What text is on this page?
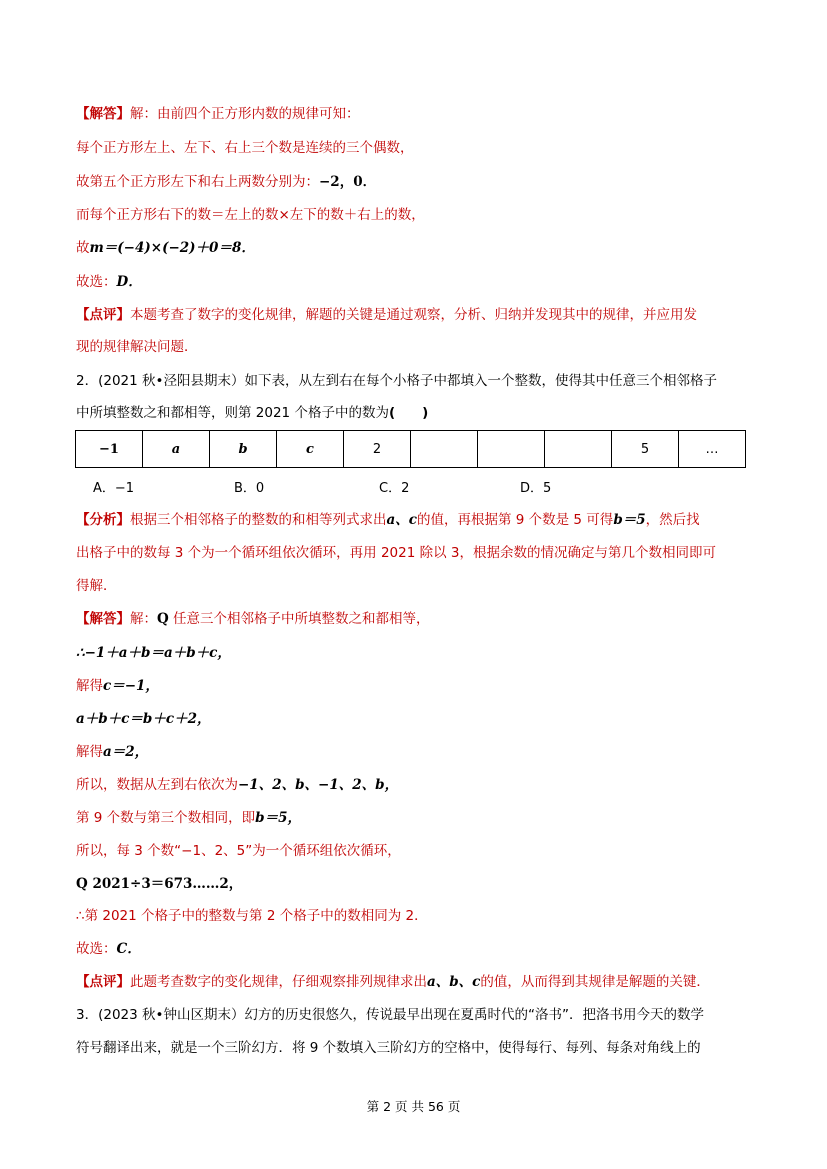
【解答】解：由前四个正方形内数的规律可知：
每个正方形左上、左下、右上三个数是连续的三个偶数，
故第五个正方形左下和右上两数分别为：−2，0．
而每个正方形右下的数＝左上的数×左下的数＋右上的数，
故m＝(−4)×(−2)＋0＝8．
故选：D．
【点评】本题考查了数字的变化规律，解题的关键是通过观察，分析、归纳并发现其中的规律，并应用发
现的规律解决问题．
2．(2021 秋•泾阳县期末）如下表，从左到右在每个小格子中都填入一个整数，使得其中任意三个相邻格子
中所填整数之和都相等，则第 2021 个格子中的数为(　　)
−1	a	b	c	2				5	…
A．−1	B．0	C．2	D．5
【分析】根据三个相邻格子的整数的和相等列式求出a、c的值，再根据第 9 个数是 5 可得b＝5，然后找
出格子中的数每 3 个为一个循环组依次循环，再用 2021 除以 3，根据余数的情况确定与第几个数相同即可
得解．
【解答】解：Q 任意三个相邻格子中所填整数之和都相等，
∴−1＋a＋b＝a＋b＋c，
解得c＝−1，
a＋b＋c＝b＋c＋2，
解得a＝2，
所以，数据从左到右依次为−1、2、b、−1、2、b，
第 9 个数与第三个数相同，即b＝5，
所以，每 3 个数“−1、2、5”为一个循环组依次循环，
Q 2021÷3＝673……2，
∴第 2021 个格子中的整数与第 2 个格子中的数相同为 2．
故选：C．
【点评】此题考查数字的变化规律，仔细观察排列规律求出a、b、c的值，从而得到其规律是解题的关键．
3．(2023 秋•钟山区期末）幻方的历史很悠久，传说最早出现在夏禹时代的“洛书”．把洛书用今天的数学
符号翻译出来，就是一个三阶幻方．将 9 个数填入三阶幻方的空格中，使得每行、每列、每条对角线上的
第 2 页 共 56 页
